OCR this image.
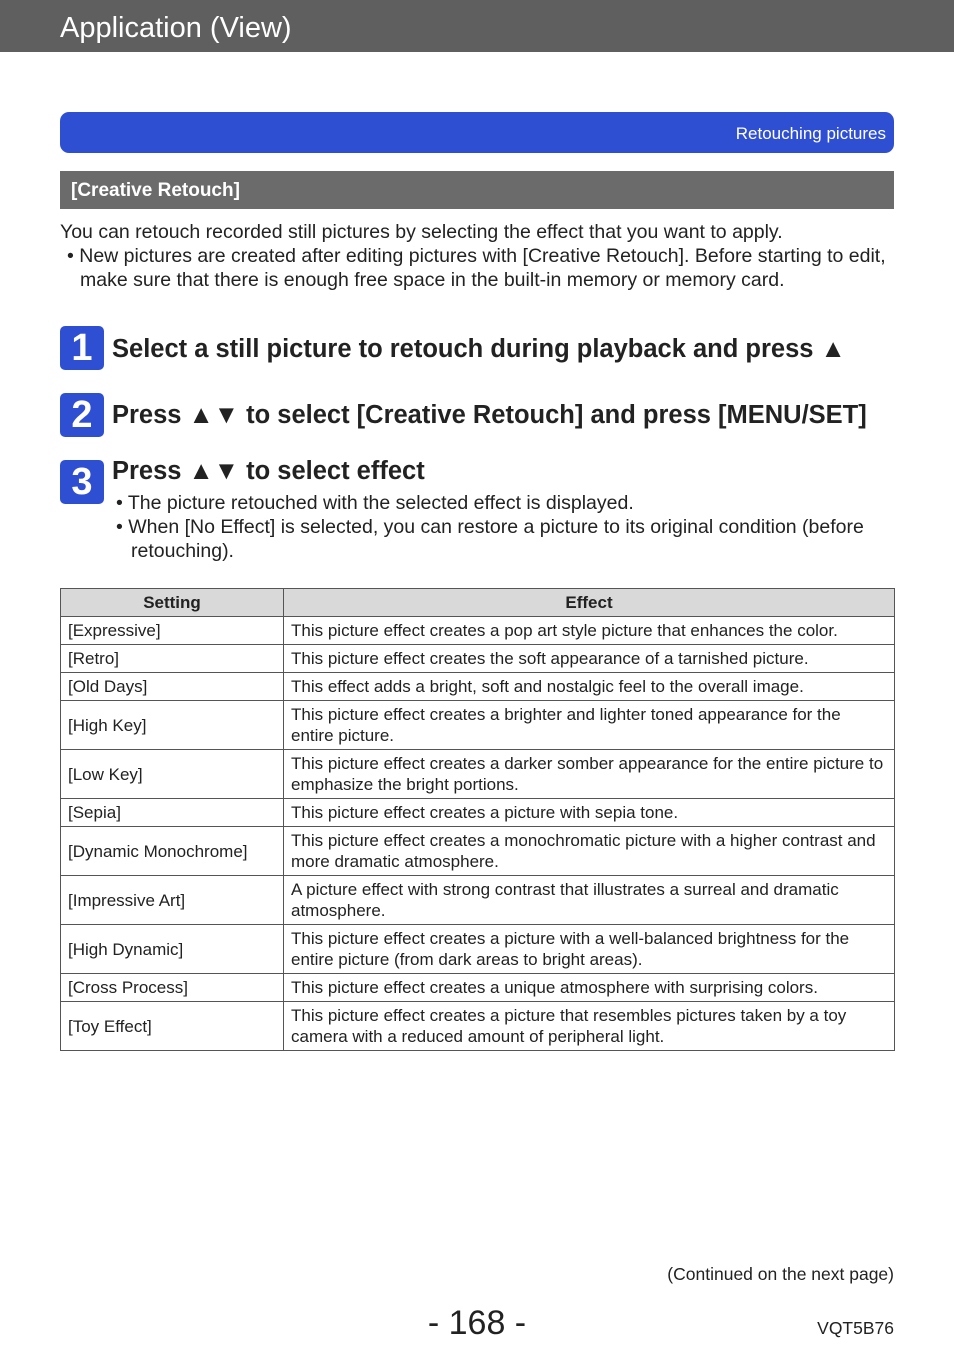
Application (View)
Retouching pictures
[Creative Retouch]
You can retouch recorded still pictures by selecting the effect that you want to apply.
• New pictures are created after editing pictures with [Creative Retouch]. Before starting to edit, make sure that there is enough free space in the built-in memory or memory card.
1 Select a still picture to retouch during playback and press ▲
2 Press ▲▼ to select [Creative Retouch] and press [MENU/SET]
3 Press ▲▼ to select effect
• The picture retouched with the selected effect is displayed.
• When [No Effect] is selected, you can restore a picture to its original condition (before retouching).
Setting	Effect
[Expressive]	This picture effect creates a pop art style picture that enhances the color.
[Retro]	This picture effect creates the soft appearance of a tarnished picture.
[Old Days]	This effect adds a bright, soft and nostalgic feel to the overall image.
[High Key]	This picture effect creates a brighter and lighter toned appearance for the entire picture.
[Low Key]	This picture effect creates a darker somber appearance for the entire picture to emphasize the bright portions.
[Sepia]	This picture effect creates a picture with sepia tone.
[Dynamic Monochrome]	This picture effect creates a monochromatic picture with a higher contrast and more dramatic atmosphere.
[Impressive Art]	A picture effect with strong contrast that illustrates a surreal and dramatic atmosphere.
[High Dynamic]	This picture effect creates a picture with a well-balanced brightness for the entire picture (from dark areas to bright areas).
[Cross Process]	This picture effect creates a unique atmosphere with surprising colors.
[Toy Effect]	This picture effect creates a picture that resembles pictures taken by a toy camera with a reduced amount of peripheral light.
(Continued on the next page)
- 168 -	VQT5B76
